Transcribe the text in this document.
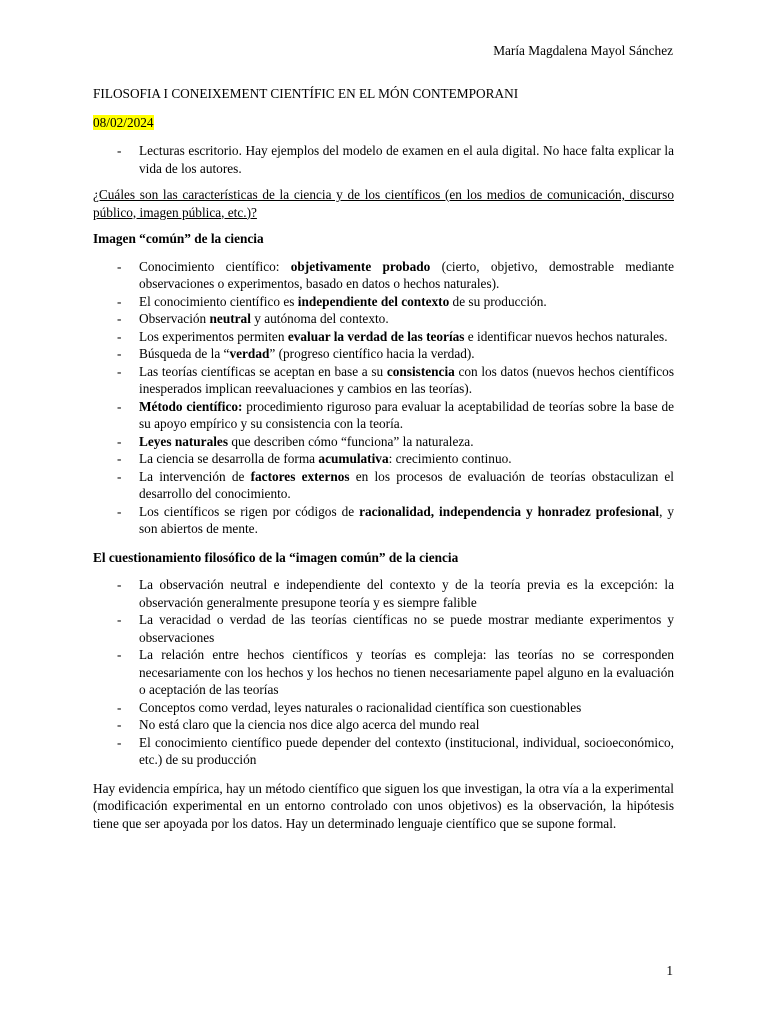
María Magdalena Mayol Sánchez
FILOSOFIA I CONEIXEMENT CIENTÍFIC EN EL MÓN CONTEMPORANI
08/02/2024
- Lecturas escritorio. Hay ejemplos del modelo de examen en el aula digital. No hace falta explicar la vida de los autores.

¿Cuáles son las características de la ciencia y de los científicos (en los medios de comunicación, discurso público, imagen pública, etc.)?

Imagen “común” de la ciencia

- Conocimiento científico: objetivamente probado (cierto, objetivo, demostrable mediante observaciones o experimentos, basado en datos o hechos naturales).
- El conocimiento científico es independiente del contexto de su producción.
- Observación neutral y autónoma del contexto.
- Los experimentos permiten evaluar la verdad de las teorías e identificar nuevos hechos naturales.
- Búsqueda de la “verdad” (progreso científico hacia la verdad).
- Las teorías científicas se aceptan en base a su consistencia con los datos (nuevos hechos científicos inesperados implican reevaluaciones y cambios en las teorías).
- Método científico: procedimiento riguroso para evaluar la aceptabilidad de teorías sobre la base de su apoyo empírico y su consistencia con la teoría.
- Leyes naturales que describen cómo “funciona” la naturaleza.
- La ciencia se desarrolla de forma acumulativa: crecimiento continuo.
- La intervención de factores externos en los procesos de evaluación de teorías obstaculizan el desarrollo del conocimiento.
- Los científicos se rigen por códigos de racionalidad, independencia y honradez profesional, y son abiertos de mente.

El cuestionamiento filosófico de la “imagen común” de la ciencia

- La observación neutral e independiente del contexto y de la teoría previa es la excepción: la observación generalmente presupone teoría y es siempre falible
- La veracidad o verdad de las teorías científicas no se puede mostrar mediante experimentos y observaciones
- La relación entre hechos científicos y teorías es compleja: las teorías no se corresponden necesariamente con los hechos y los hechos no tienen necesariamente papel alguno en la evaluación o aceptación de las teorías
- Conceptos como verdad, leyes naturales o racionalidad científica son cuestionables
- No está claro que la ciencia nos dice algo acerca del mundo real
- El conocimiento científico puede depender del contexto (institucional, individual, socioeconómico, etc.) de su producción

Hay evidencia empírica, hay un método científico que siguen los que investigan, la otra vía a la experimental (modificación experimental en un entorno controlado con unos objetivos) es la observación, la hipótesis tiene que ser apoyada por los datos. Hay un determinado lenguaje científico que se supone formal.

1
